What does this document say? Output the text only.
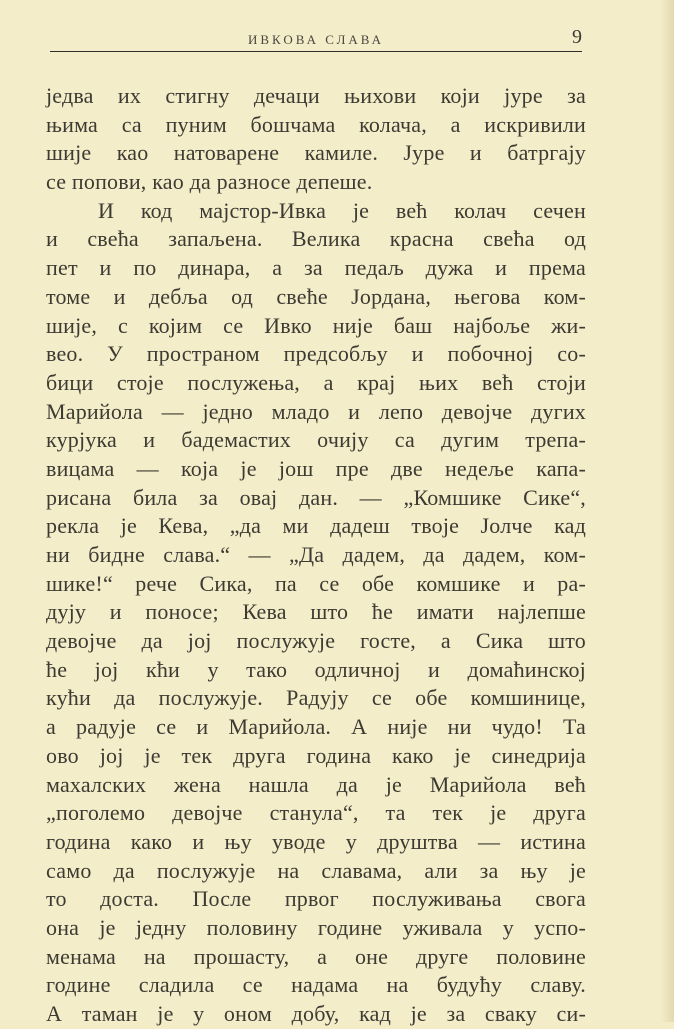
ИВКОВА СЛАВА	9
једва их стигну дечаци њихови који јуре за
њима са пуним бошчама колача, а искривили
шије као натоварене камиле. Јуре и батргају
се попови, као да разносе депеше.
И код мајстор-Ивка је већ колач сечен
и свећа запаљена. Велика красна свећа од
пет и по динара, а за педаљ дужа и према
томе и дебља од свеће Јордана, његова ком-
шије, с којим се Ивко није баш најбоље жи-
вео. У пространом предсобљу и побочној со-
бици стоје послужења, а крај њих већ стоји
Марийола — једно младо и лепо девојче дугих
курјука и бадемастих очију са дугим трепа-
вицама — која је још пре две недеље капа-
рисана била за овај дан. — „Комшике Сике“,
рекла је Кева, „да ми дадеш твоје Јолче кад
ни бидне слава.“ — „Да дадем, да дадем, ком-
шике!“ рече Сика, па се обе комшике и ра-
дују и поносе; Кева што ће имати најлепше
девојче да јој послужује госте, а Сика што
ће јој кћи у тако одличној и домаћинској
кући да послужује. Радују се обе комшинице,
а радује се и Марийола. А није ни чудо! Та
ово јој је тек друга година како је синедрија
махалских жена нашла да је Марийола већ
„поголемо девојче станула“, та тек је друга
година како и њу уводе у друштва — истина
само да послужује на славама, али за њу је
то доста. После првог послуживања свога
она је једну половину године уживала у успо-
менама на прошасту, а оне друге половине
године сладила се надама на будућу славу.
А таман је у оном добу, кад је за сваку си-
